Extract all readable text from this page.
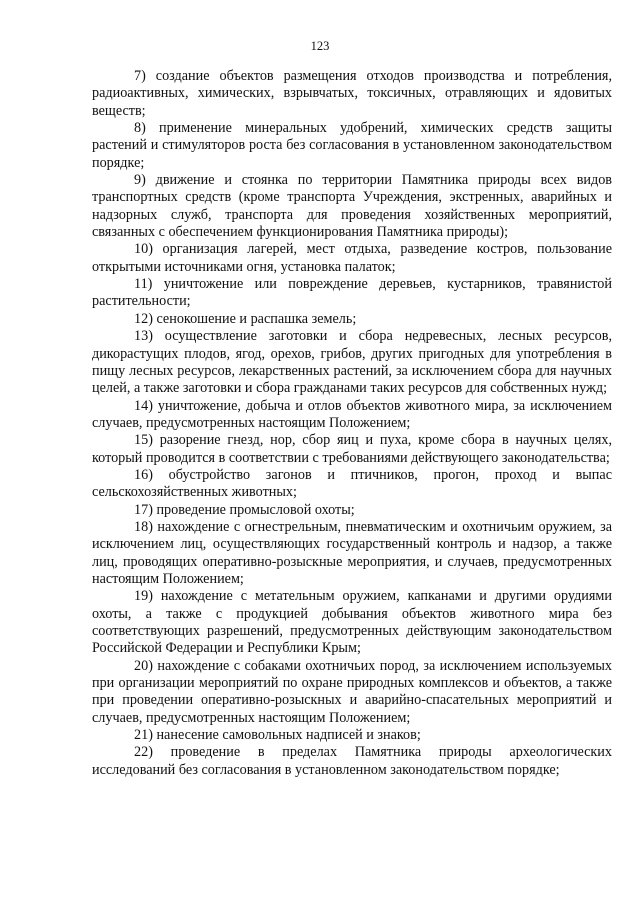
123

7) создание объектов размещения отходов производства и потребления, радиоактивных, химических, взрывчатых, токсичных, отравляющих и ядовитых веществ;

8) применение минеральных удобрений, химических средств защиты растений и стимуляторов роста без согласования в установленном законодательством порядке;

9) движение и стоянка по территории Памятника природы всех видов транспортных средств (кроме транспорта Учреждения, экстренных, аварийных и надзорных служб, транспорта для проведения хозяйственных мероприятий, связанных с обеспечением функционирования Памятника природы);

10) организация лагерей, мест отдыха, разведение костров, пользование открытыми источниками огня, установка палаток;

11) уничтожение или повреждение деревьев, кустарников, травянистой растительности;

12) сенокошение и распашка земель;

13) осуществление заготовки и сбора недревесных, лесных ресурсов, дикорастущих плодов, ягод, орехов, грибов, других пригодных для употребления в пищу лесных ресурсов, лекарственных растений, за исключением сбора для научных целей, а также заготовки и сбора гражданами таких ресурсов для собственных нужд;

14) уничтожение, добыча и отлов объектов животного мира, за исключением случаев, предусмотренных настоящим Положением;

15) разорение гнезд, нор, сбор яиц и пуха, кроме сбора в научных целях, который проводится в соответствии с требованиями действующего законодательства;

16) обустройство загонов и птичников, прогон, проход и выпас сельскохозяйственных животных;

17) проведение промысловой охоты;

18) нахождение с огнестрельным, пневматическим и охотничьим оружием, за исключением лиц, осуществляющих государственный контроль и надзор, а также лиц, проводящих оперативно-розыскные мероприятия, и случаев, предусмотренных настоящим Положением;

19) нахождение с метательным оружием, капканами и другими орудиями охоты, а также с продукцией добывания объектов животного мира без соответствующих разрешений, предусмотренных действующим законодательством Российской Федерации и Республики Крым;

20) нахождение с собаками охотничьих пород, за исключением используемых при организации мероприятий по охране природных комплексов и объектов, а также при проведении оперативно-розыскных и аварийно-спасательных мероприятий и случаев, предусмотренных настоящим Положением;

21) нанесение самовольных надписей и знаков;

22) проведение в пределах Памятника природы археологических исследований без согласования в установленном законодательством порядке;
